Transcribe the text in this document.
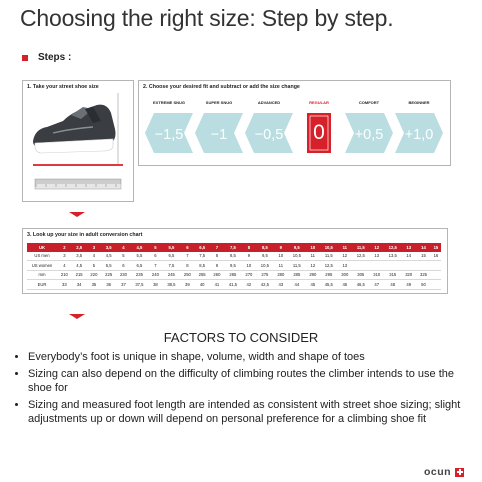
Choosing the right size: Step by step.
Steps :
1. Take your street shoe size	2. Choose your desired fit and subtract or add the size change
EXTREME SNUG	SUPER SNUG	ADVANCED	REGULAR	COMFORT	BEGINNER
−1,5 −1 −0,5 0 +0,5 +1,0
3. Look up your size in adult conversion chart
UK	2	2,5	3	3,5	4	4,5	5	5,5	6	6,5	7	7,5	8	8,5	9	9,5	10	10,5	11	11,5	12	12,5	13	14	15
US men	3	3,5	4	4,5	5	5,5	6	6,5	7	7,5	8	8,5	9	9,5	10	10,5	11	11,5	12	12,5	13	13,5	14	15	16
US women	4	4,5	5	5,5	6	6,5	7	7,5	8	8,5	9	9,5	10	10,5	11	11,5	12	12,5	13						
mm	210	215	220	225	230	235	240	245	250	255	260	265	270	275	280	285	290	295	300	305	310	315	320	325	
EUR	33	34	35	36	37	37,5	38	38,5	39	40	41	41,5	42	42,5	43	44	45	45,5	46	46,5	47	48	49	50	
FACTORS TO CONSIDER
• Everybody’s foot is unique in shape, volume, width and shape of toes
• Sizing can also depend on the difficulty of climbing routes the climber intends to use the shoe for
• Sizing and measured foot length are intended as consistent with street shoe sizing; slight adjustments up or down will depend on personal preference for a climbing shoe fit
ocun
